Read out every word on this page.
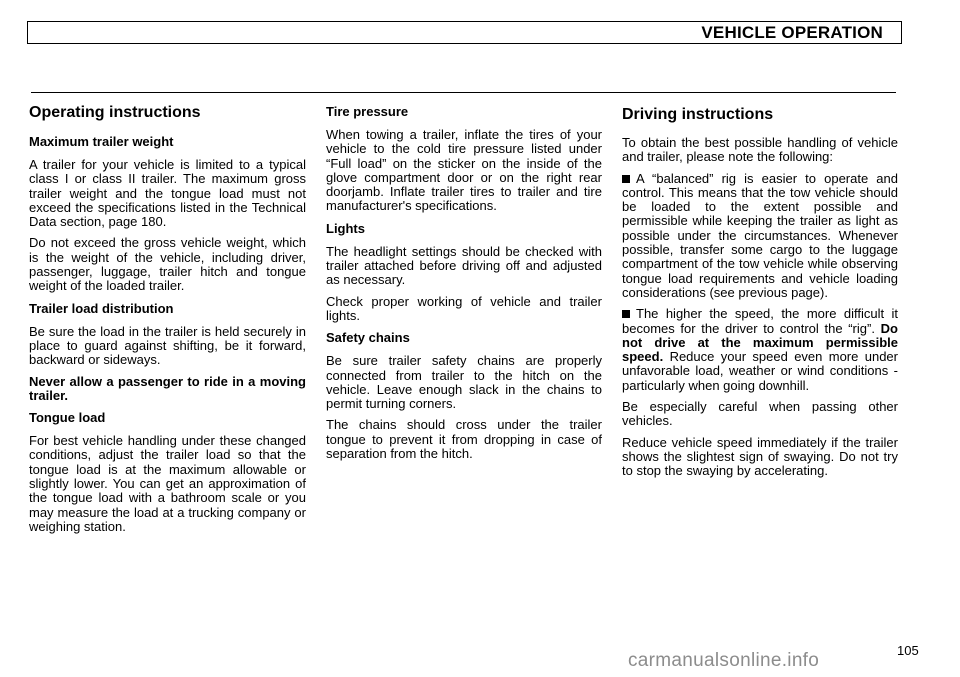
VEHICLE OPERATION
Operating instructions
Maximum trailer weight

A trailer for your vehicle is limited to a typical class I or class II trailer. The maximum gross trailer weight and the tongue load must not exceed the specifications listed in the Technical Data section, page 180.

Do not exceed the gross vehicle weight, which is the weight of the vehicle, including driver, passenger, luggage, trailer hitch and tongue weight of the loaded trailer.

Trailer load distribution

Be sure the load in the trailer is held securely in place to guard against shifting, be it forward, backward or sideways.

Never allow a passenger to ride in a moving trailer.

Tongue load

For best vehicle handling under these changed conditions, adjust the trailer load so that the tongue load is at the maximum allowable or slightly lower. You can get an approximation of the tongue load with a bathroom scale or you may measure the load at a trucking company or weighing station.

Tire pressure

When towing a trailer, inflate the tires of your vehicle to the cold tire pressure listed under “Full load” on the sticker on the inside of the glove compartment door or on the right rear doorjamb. Inflate trailer tires to trailer and tire manufacturer's specifications.

Lights

The headlight settings should be checked with trailer attached before driving off and adjusted as necessary.

Check proper working of vehicle and trailer lights.

Safety chains

Be sure trailer safety chains are properly connected from trailer to the hitch on the vehicle. Leave enough slack in the chains to permit turning corners.

The chains should cross under the trailer tongue to prevent it from dropping in case of separation from the hitch.

Driving instructions

To obtain the best possible handling of vehicle and trailer, please note the following:

A “balanced” rig is easier to operate and control. This means that the tow vehicle should be loaded to the extent possible and permissible while keeping the trailer as light as possible under the circumstances. Whenever possible, transfer some cargo to the luggage compartment of the tow vehicle while observing tongue load requirements and vehicle loading considerations (see previous page).

The higher the speed, the more difficult it becomes for the driver to control the “rig”. Do not drive at the maximum permissible speed. Reduce your speed even more under unfavorable load, weather or wind conditions - particularly when going downhill.

Be especially careful when passing other vehicles.

Reduce vehicle speed immediately if the trailer shows the slightest sign of swaying. Do not try to stop the swaying by accelerating.

105
carmanualsonline.info
